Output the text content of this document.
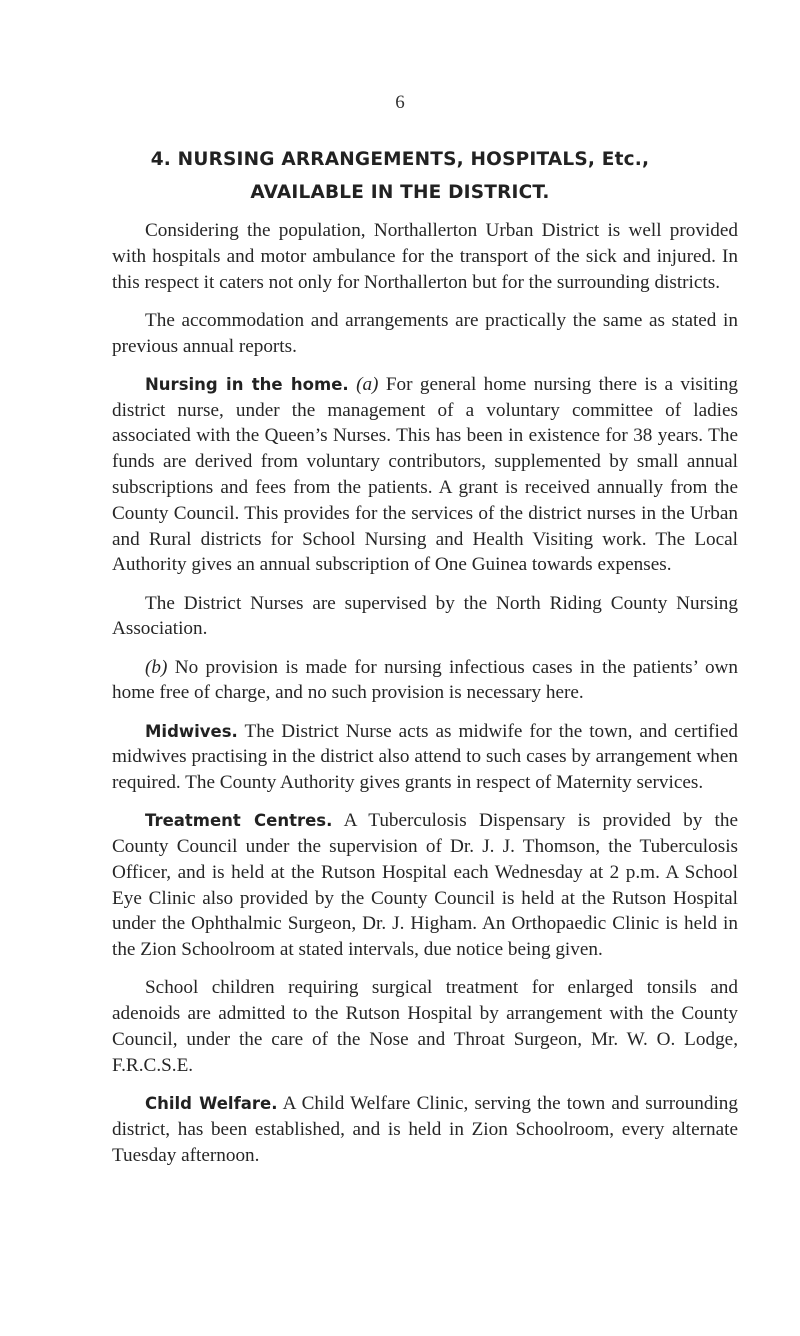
6
4. NURSING ARRANGEMENTS, HOSPITALS, Etc.,
AVAILABLE IN THE DISTRICT.

Considering the population, Northallerton Urban District is well provided with hospitals and motor ambulance for the transport of the sick and injured. In this respect it caters not only for Northallerton but for the surrounding districts.

The accommodation and arrangements are practically the same as stated in previous annual reports.

Nursing in the home. (a) For general home nursing there is a visiting district nurse, under the management of a voluntary committee of ladies associated with the Queen’s Nurses. This has been in existence for 38 years. The funds are derived from voluntary contributors, supplemented by small annual subscriptions and fees from the patients. A grant is received annually from the County Council. This provides for the services of the district nurses in the Urban and Rural districts for School Nursing and Health Visiting work. The Local Authority gives an annual subscription of One Guinea towards expenses.

The District Nurses are supervised by the North Riding County Nursing Association.

(b) No provision is made for nursing infectious cases in the patients’ own home free of charge, and no such provision is necessary here.

Midwives. The District Nurse acts as midwife for the town, and certified midwives practising in the district also attend to such cases by arrangement when required. The County Authority gives grants in respect of Maternity services.

Treatment Centres. A Tuberculosis Dispensary is provided by the County Council under the supervision of Dr. J. J. Thomson, the Tuberculosis Officer, and is held at the Rutson Hospital each Wednesday at 2 p.m. A School Eye Clinic also provided by the County Council is held at the Rutson Hospital under the Ophthalmic Surgeon, Dr. J. Higham. An Orthopaedic Clinic is held in the Zion Schoolroom at stated intervals, due notice being given.

School children requiring surgical treatment for enlarged tonsils and adenoids are admitted to the Rutson Hospital by arrangement with the County Council, under the care of the Nose and Throat Surgeon, Mr. W. O. Lodge, F.R.C.S.E.

Child Welfare. A Child Welfare Clinic, serving the town and surrounding district, has been established, and is held in Zion Schoolroom, every alternate Tuesday afternoon.
